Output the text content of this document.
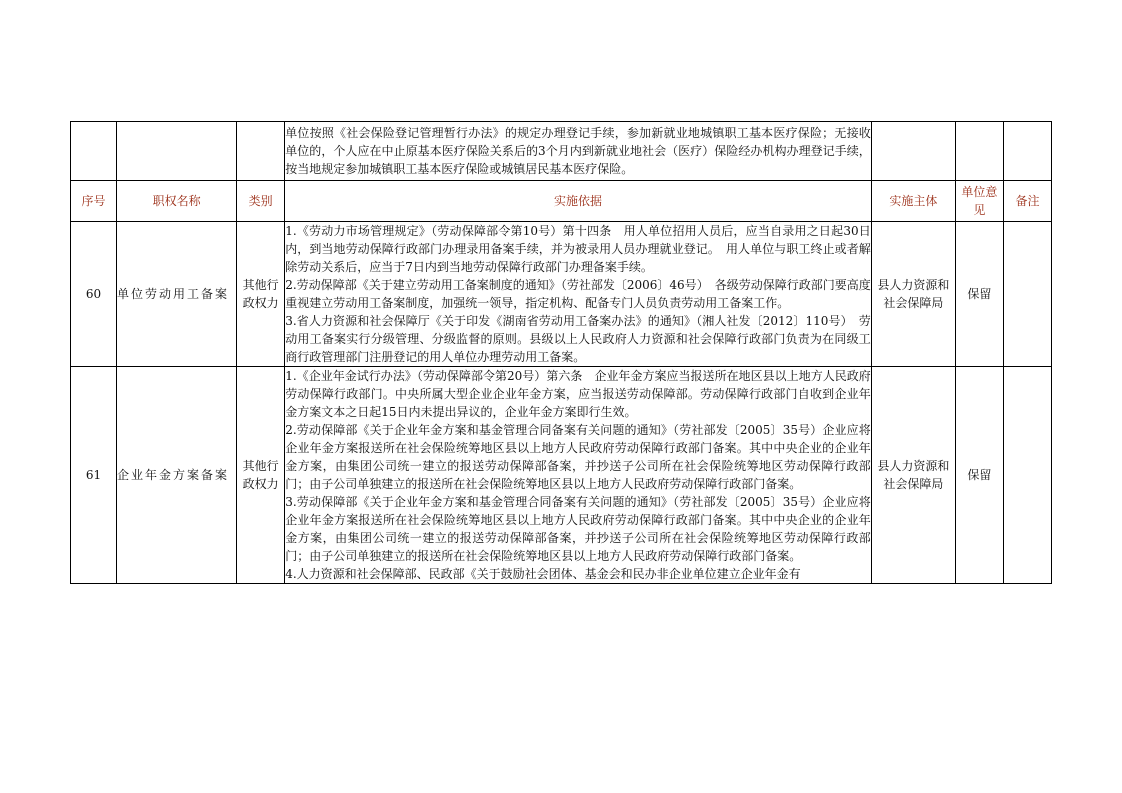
			单位按照《社会保险登记管理暂行办法》的规定办理登记手续，参加新就业地城镇职工基本医疗保险；无接收单位的，个人应在中止原基本医疗保险关系后的3个月内到新就业地社会（医疗）保险经办机构办理登记手续，按当地规定参加城镇职工基本医疗保险或城镇居民基本医疗保险。			
序号	职权名称	类别	实施依据	实施主体	单位意见	备注
60	单位劳动用工备案	其他行政权力	1.《劳动力市场管理规定》（劳动保障部令第10号）第十四条　用人单位招用人员后，应当自录用之日起30日内，到当地劳动保障行政部门办理录用备案手续，并为被录用人员办理就业登记。　用人单位与职工终止或者解除劳动关系后，应当于7日内到当地劳动保障行政部门办理备案手续。

2.劳动保障部《关于建立劳动用工备案制度的通知》（劳社部发〔2006〕46号）　各级劳动保障行政部门要高度重视建立劳动用工备案制度，加强统一领导，指定机构、配备专门人员负责劳动用工备案工作。

3.省人力资源和社会保障厅《关于印发《湖南省劳动用工备案办法》的通知》（湘人社发〔2012〕110号）　劳动用工备案实行分级管理、分级监督的原则。县级以上人民政府人力资源和社会保障行政部门负责为在同级工商行政管理部门注册登记的用人单位办理劳动用工备案。	县人力资源和社会保障局	保留	
61	企业年金方案备案	其他行政权力	1.《企业年金试行办法》（劳动保障部令第20号）第六条　企业年金方案应当报送所在地区县以上地方人民政府劳动保障行政部门。中央所属大型企业企业年金方案，应当报送劳动保障部。劳动保障行政部门自收到企业年金方案文本之日起15日内未提出异议的，企业年金方案即行生效。

2.劳动保障部《关于企业年金方案和基金管理合同备案有关问题的通知》（劳社部发〔2005〕35号）企业应将企业年金方案报送所在社会保险统筹地区县以上地方人民政府劳动保障行政部门备案。其中中央企业的企业年金方案，由集团公司统一建立的报送劳动保障部备案，并抄送子公司所在社会保险统筹地区劳动保障行政部门；由子公司单独建立的报送所在社会保险统筹地区县以上地方人民政府劳动保障行政部门备案。

3.劳动保障部《关于企业年金方案和基金管理合同备案有关问题的通知》（劳社部发〔2005〕35号）企业应将企业年金方案报送所在社会保险统筹地区县以上地方人民政府劳动保障行政部门备案。其中中央企业的企业年金方案，由集团公司统一建立的报送劳动保障部备案，并抄送子公司所在社会保险统筹地区劳动保障行政部门；由子公司单独建立的报送所在社会保险统筹地区县以上地方人民政府劳动保障行政部门备案。

4.人力资源和社会保障部、民政部《关于鼓励社会团体、基金会和民办非企业单位建立企业年金有	县人力资源和社会保障局	保留	
